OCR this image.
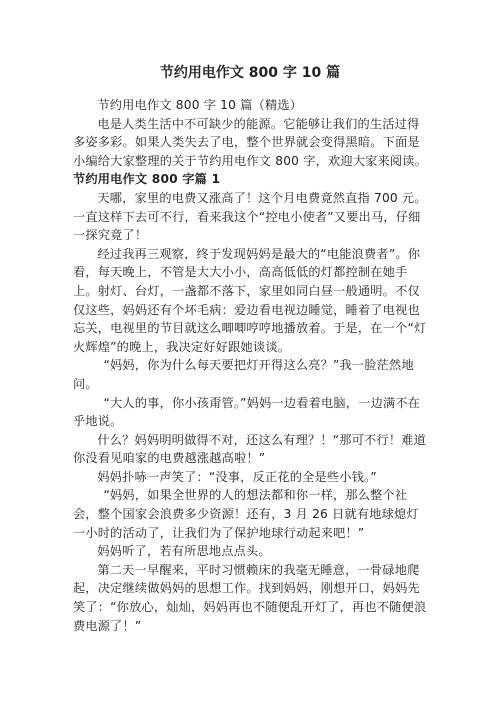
节约用电作文 800 字 10 篇

节约用电作文 800 字 10 篇（精选）

电是人类生活中不可缺少的能源。它能够让我们的生活过得多姿多彩。如果人类失去了电，整个世界就会变得黑暗。下面是小编给大家整理的关于节约用电作文 800 字，欢迎大家来阅读。

节约用电作文 800 字篇 1

天哪，家里的电费又涨高了！这个月电费竟然直指 700 元。一直这样下去可不行，看来我这个“控电小使者”又要出马，仔细一探究竟了！

经过我再三观察，终于发现妈妈是最大的“电能浪费者”。你看，每天晚上，不管是大大小小，高高低低的灯都控制在她手上。射灯、台灯，一盏都不落下，家里如同白昼一般通明。不仅仅这些，妈妈还有个坏毛病：爱边看电视边睡觉，睡着了电视也忘关，电视里的节目就这么唧唧哼哼地播放着。于是，在一个“灯火辉煌”的晚上，我决定好好跟她谈谈。

“妈妈，你为什么每天要把灯开得这么亮？”我一脸茫然地问。

“大人的事，你小孩甭管。”妈妈一边看着电脑，一边满不在乎地说。

什么？妈妈明明做得不对，还这么有理？！“那可不行！难道你没看见咱家的电费越涨越高啦！”

妈妈扑哧一声笑了：“没事，反正花的全是些小钱。”

“妈妈，如果全世界的人的想法都和你一样，那么整个社会，整个国家会浪费多少资源！还有，3 月 26 日就有地球熄灯一小时的活动了，让我们为了保护地球行动起来吧！”

妈妈听了，若有所思地点点头。

第二天一早醒来，平时习惯赖床的我毫无睡意，一骨碌地爬起，决定继续做妈妈的思想工作。找到妈妈，刚想开口，妈妈先笑了：“你放心，灿灿，妈妈再也不随便乱开灯了，再也不随便浪费电源了！”
